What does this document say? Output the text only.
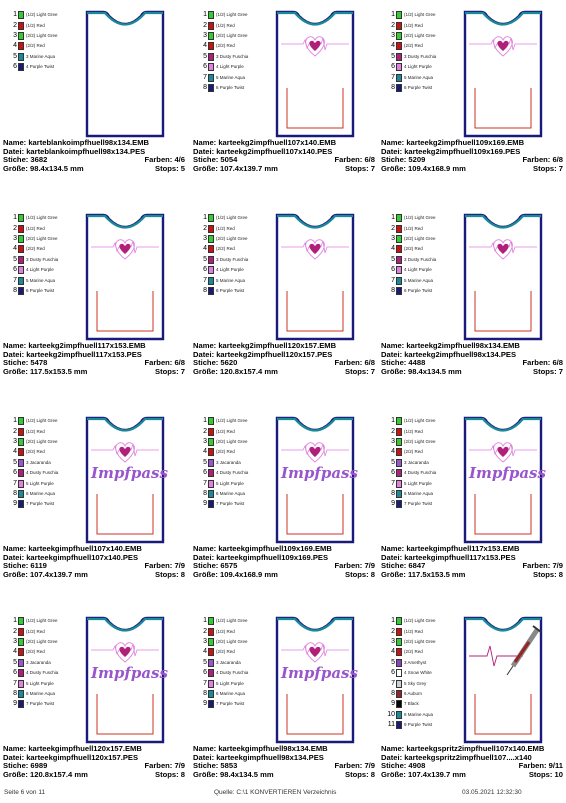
1 (1/2) Light Gree
2 (1/2) Red
3 (2/2) Light Gree
4 (2/2) Red
5 3 Marine Aqua
6 4 Purple Twist
Name: karteblankoimpfhuell98x134.EMB
Datei: karteblankoimpfhuell98x134.PES
Stiche: 3682	Farben: 4/6
Größe: 98.4x134.5 mm	Stops: 5
1 (1/2) Light Gree
2 (1/2) Red
3 (2/2) Light Gree
4 (2/2) Red
5 3 Dusty Fuschia
6 4 Light Purple
7 5 Marine Aqua
8 6 Purple Twist
Name: karteekg2impfhuell107x140.EMB
Datei: karteekg2impfhuell107x140.PES
Stiche: 5054	Farben: 6/8
Größe: 107.4x139.7 mm	Stops: 7
1 (1/2) Light Gree
2 (1/2) Red
3 (2/2) Light Gree
4 (2/2) Red
5 3 Dusty Fuschia
6 4 Light Purple
7 5 Marine Aqua
8 6 Purple Twist
Name: karteekg2impfhuell109x169.EMB
Datei: karteekg2impfhuell109x169.PES
Stiche: 5209	Farben: 6/8
Größe: 109.4x168.9 mm	Stops: 7
1 (1/2) Light Gree
2 (1/2) Red
3 (2/2) Light Gree
4 (2/2) Red
5 3 Dusty Fuschia
6 4 Light Purple
7 5 Marine Aqua
8 6 Purple Twist
Name: karteekg2impfhuell117x153.EMB
Datei: karteekg2impfhuell117x153.PES
Stiche: 5478	Farben: 6/8
Größe: 117.5x153.5 mm	Stops: 7
1 (1/2) Light Gree
2 (1/2) Red
3 (2/2) Light Gree
4 (2/2) Red
5 3 Dusty Fuschia
6 4 Light Purple
7 5 Marine Aqua
8 6 Purple Twist
Name: karteekg2impfhuell120x157.EMB
Datei: karteekg2impfhuell120x157.PES
Stiche: 5620	Farben: 6/8
Größe: 120.8x157.4 mm	Stops: 7
1 (1/2) Light Gree
2 (1/2) Red
3 (2/2) Light Gree
4 (2/2) Red
5 3 Dusty Fuschia
6 4 Light Purple
7 5 Marine Aqua
8 6 Purple Twist
Name: karteekg2impfhuell98x134.EMB
Datei: karteekg2impfhuell98x134.PES
Stiche: 4488	Farben: 6/8
Größe: 98.4x134.5 mm	Stops: 7
1 (1/2) Light Gree
2 (1/2) Red
3 (2/2) Light Gree
4 (2/2) Red
5 3 Jacaranda
6 4 Dusty Fuschia
7 5 Light Purple
8 6 Marine Aqua
9 7 Purple Twist
Impfpass
Name: karteekgimpfhuell107x140.EMB
Datei: karteekgimpfhuell107x140.PES
Stiche: 6119	Farben: 7/9
Größe: 107.4x139.7 mm	Stops: 8
1 (1/2) Light Gree
2 (1/2) Red
3 (2/2) Light Gree
4 (2/2) Red
5 3 Jacaranda
6 4 Dusty Fuschia
7 5 Light Purple
8 6 Marine Aqua
9 7 Purple Twist
Impfpass
Name: karteekgimpfhuell109x169.EMB
Datei: karteekgimpfhuell109x169.PES
Stiche: 6575	Farben: 7/9
Größe: 109.4x168.9 mm	Stops: 8
1 (1/2) Light Gree
2 (1/2) Red
3 (2/2) Light Gree
4 (2/2) Red
5 3 Jacaranda
6 4 Dusty Fuschia
7 5 Light Purple
8 6 Marine Aqua
9 7 Purple Twist
Impfpass
Name: karteekgimpfhuell117x153.EMB
Datei: karteekgimpfhuell117x153.PES
Stiche: 6847	Farben: 7/9
Größe: 117.5x153.5 mm	Stops: 8
1 (1/2) Light Gree
2 (1/2) Red
3 (2/2) Light Gree
4 (2/2) Red
5 3 Jacaranda
6 4 Dusty Fuschia
7 5 Light Purple
8 6 Marine Aqua
9 7 Purple Twist
Impfpass
Name: karteekgimpfhuell120x157.EMB
Datei: karteekgimpfhuell120x157.PES
Stiche: 6989	Farben: 7/9
Größe: 120.8x157.4 mm	Stops: 8
1 (1/2) Light Gree
2 (1/2) Red
3 (2/2) Light Gree
4 (2/2) Red
5 3 Jacaranda
6 4 Dusty Fuschia
7 5 Light Purple
8 6 Marine Aqua
9 7 Purple Twist
Impfpass
Name: karteekgimpfhuell98x134.EMB
Datei: karteekgimpfhuell98x134.PES
Stiche: 5853	Farben: 7/9
Größe: 98.4x134.5 mm	Stops: 8
1 (1/2) Light Gree
2 (1/2) Red
3 (2/2) Light Gree
4 (2/2) Red
5 3 Amethyst
6 4 Snow White
7 5 Sky Grey
8 6 Auburn
9 7 Black
10 8 Marine Aqua
11 9 Purple Twist
Name: karteekgspritz2impfhuell107x140.EMB
Datei: karteekgspritz2impfhuell107....x140
Stiche: 4908	Farben: 9/11
Größe: 107.4x139.7 mm	Stops: 10
Seite 6 von 11	Quelle: C:\1 KONVERTIEREN Verzeichnis	03.05.2021 12:32:30
